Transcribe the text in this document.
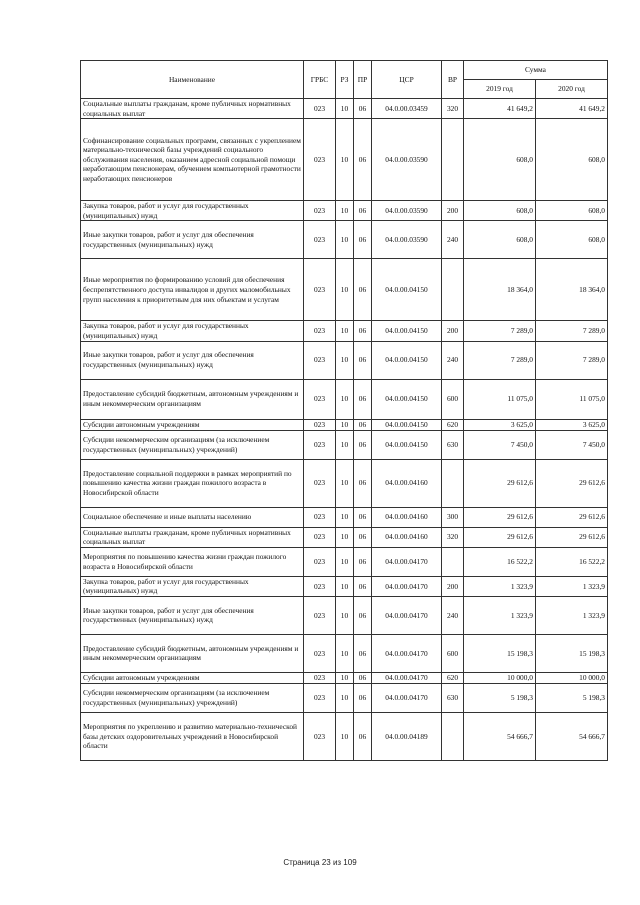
Наименование	ГРБС	РЗ	ПР	ЦСР	ВР	Сумма	
						2019 год	2020 год
Социальные выплаты гражданам, кроме публичных нормативных социальных выплат	023	10	06	04.0.00.03459	320	41 649,2	41 649,2
Софинансирование социальных программ, связанных с укреплением материально-технической базы учреждений социального обслуживания населения, оказанием адресной социальной помощи неработающим пенсионерам, обучением компьютерной грамотности неработающих пенсионеров	023	10	06	04.0.00.03590		608,0	608,0
Закупка товаров, работ и услуг для государственных (муниципальных) нужд	023	10	06	04.0.00.03590	200	608,0	608,0
Иные закупки товаров, работ и услуг для обеспечения государственных (муниципальных) нужд	023	10	06	04.0.00.03590	240	608,0	608,0
Иные мероприятия по формированию условий для обеспечения беспрепятственного доступа инвалидов и других маломобильных групп населения к приоритетным для них объектам и услугам	023	10	06	04.0.00.04150		18 364,0	18 364,0
Закупка товаров, работ и услуг для государственных (муниципальных) нужд	023	10	06	04.0.00.04150	200	7 289,0	7 289,0
Иные закупки товаров, работ и услуг для обеспечения государственных (муниципальных) нужд	023	10	06	04.0.00.04150	240	7 289,0	7 289,0
Предоставление субсидий бюджетным, автономным учреждениям и иным некоммерческим организациям	023	10	06	04.0.00.04150	600	11 075,0	11 075,0
Субсидии автономным учреждениям	023	10	06	04.0.00.04150	620	3 625,0	3 625,0
Субсидии некоммерческим организациям (за исключением государственных (муниципальных) учреждений)	023	10	06	04.0.00.04150	630	7 450,0	7 450,0
Предоставление социальной поддержки в рамках мероприятий по повышению качества жизни граждан пожилого возраста в Новосибирской области	023	10	06	04.0.00.04160		29 612,6	29 612,6
Социальное обеспечение и иные выплаты населению	023	10	06	04.0.00.04160	300	29 612,6	29 612,6
Социальные выплаты гражданам, кроме публичных нормативных социальных выплат	023	10	06	04.0.00.04160	320	29 612,6	29 612,6
Мероприятия по повышению качества жизни граждан пожилого возраста в Новосибирской области	023	10	06	04.0.00.04170		16 522,2	16 522,2
Закупка товаров, работ и услуг для государственных (муниципальных) нужд	023	10	06	04.0.00.04170	200	1 323,9	1 323,9
Иные закупки товаров, работ и услуг для обеспечения государственных (муниципальных) нужд	023	10	06	04.0.00.04170	240	1 323,9	1 323,9
Предоставление субсидий бюджетным, автономным учреждениям и иным некоммерческим организациям	023	10	06	04.0.00.04170	600	15 198,3	15 198,3
Субсидии автономным учреждениям	023	10	06	04.0.00.04170	620	10 000,0	10 000,0
Субсидии некоммерческим организациям (за исключением государственных (муниципальных) учреждений)	023	10	06	04.0.00.04170	630	5 198,3	5 198,3
Мероприятия по укреплению и развитию материально-технической базы детских оздоровительных учреждений в Новосибирской области	023	10	06	04.0.00.04189		54 666,7	54 666,7
Страница 23 из 109
